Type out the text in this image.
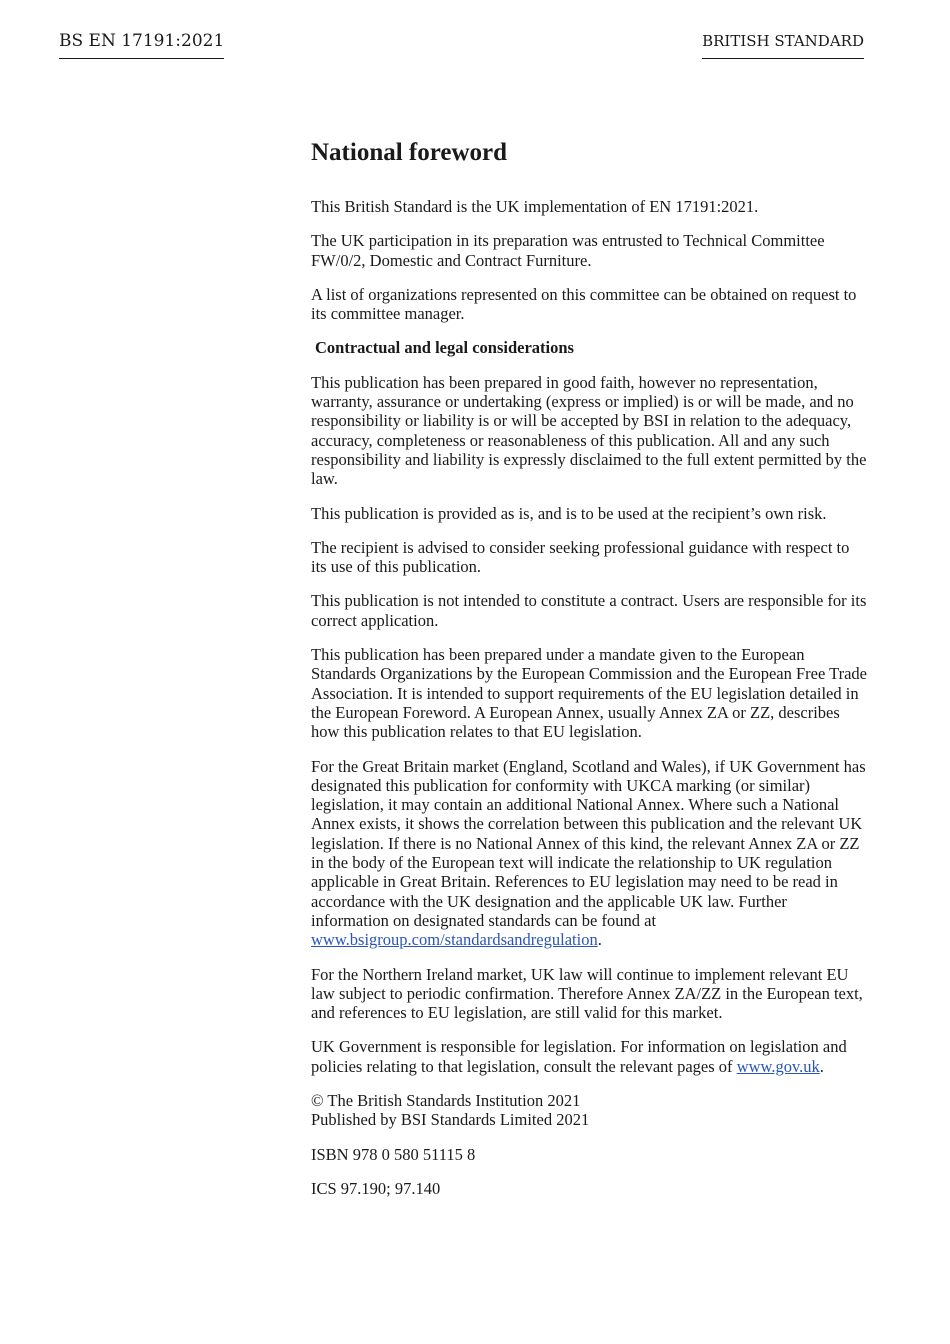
BS EN 17191:2021	BRITISH STANDARD
National foreword

This British Standard is the UK implementation of EN 17191:2021.

The UK participation in its preparation was entrusted to Technical Committee FW/0/2, Domestic and Contract Furniture.

A list of organizations represented on this committee can be obtained on request to its committee manager.

Contractual and legal considerations

This publication has been prepared in good faith, however no representation, warranty, assurance or undertaking (express or implied) is or will be made, and no responsibility or liability is or will be accepted by BSI in relation to the adequacy, accuracy, completeness or reasonableness of this publication. All and any such responsibility and liability is expressly disclaimed to the full extent permitted by the law.

This publication is provided as is, and is to be used at the recipient’s own risk.

The recipient is advised to consider seeking professional guidance with respect to its use of this publication.

This publication is not intended to constitute a contract. Users are responsible for its correct application.

This publication has been prepared under a mandate given to the European Standards Organizations by the European Commission and the European Free Trade Association. It is intended to support requirements of the EU legislation detailed in the European Foreword. A European Annex, usually Annex ZA or ZZ, describes how this publication relates to that EU legislation.

For the Great Britain market (England, Scotland and Wales), if UK Government has designated this publication for conformity with UKCA marking (or similar) legislation, it may contain an additional National Annex. Where such a National Annex exists, it shows the correlation between this publication and the relevant UK legislation. If there is no National Annex of this kind, the relevant Annex ZA or ZZ in the body of the European text will indicate the relationship to UK regulation applicable in Great Britain. References to EU legislation may need to be read in accordance with the UK designation and the applicable UK law. Further information on designated standards can be found at www.bsigroup.com/standardsandregulation.

For the Northern Ireland market, UK law will continue to implement relevant EU law subject to periodic confirmation. Therefore Annex ZA/ZZ in the European text, and references to EU legislation, are still valid for this market.

UK Government is responsible for legislation. For information on legislation and policies relating to that legislation, consult the relevant pages of www.gov.uk.

© The British Standards Institution 2021
Published by BSI Standards Limited 2021

ISBN 978 0 580 51115 8

ICS 97.190; 97.140
